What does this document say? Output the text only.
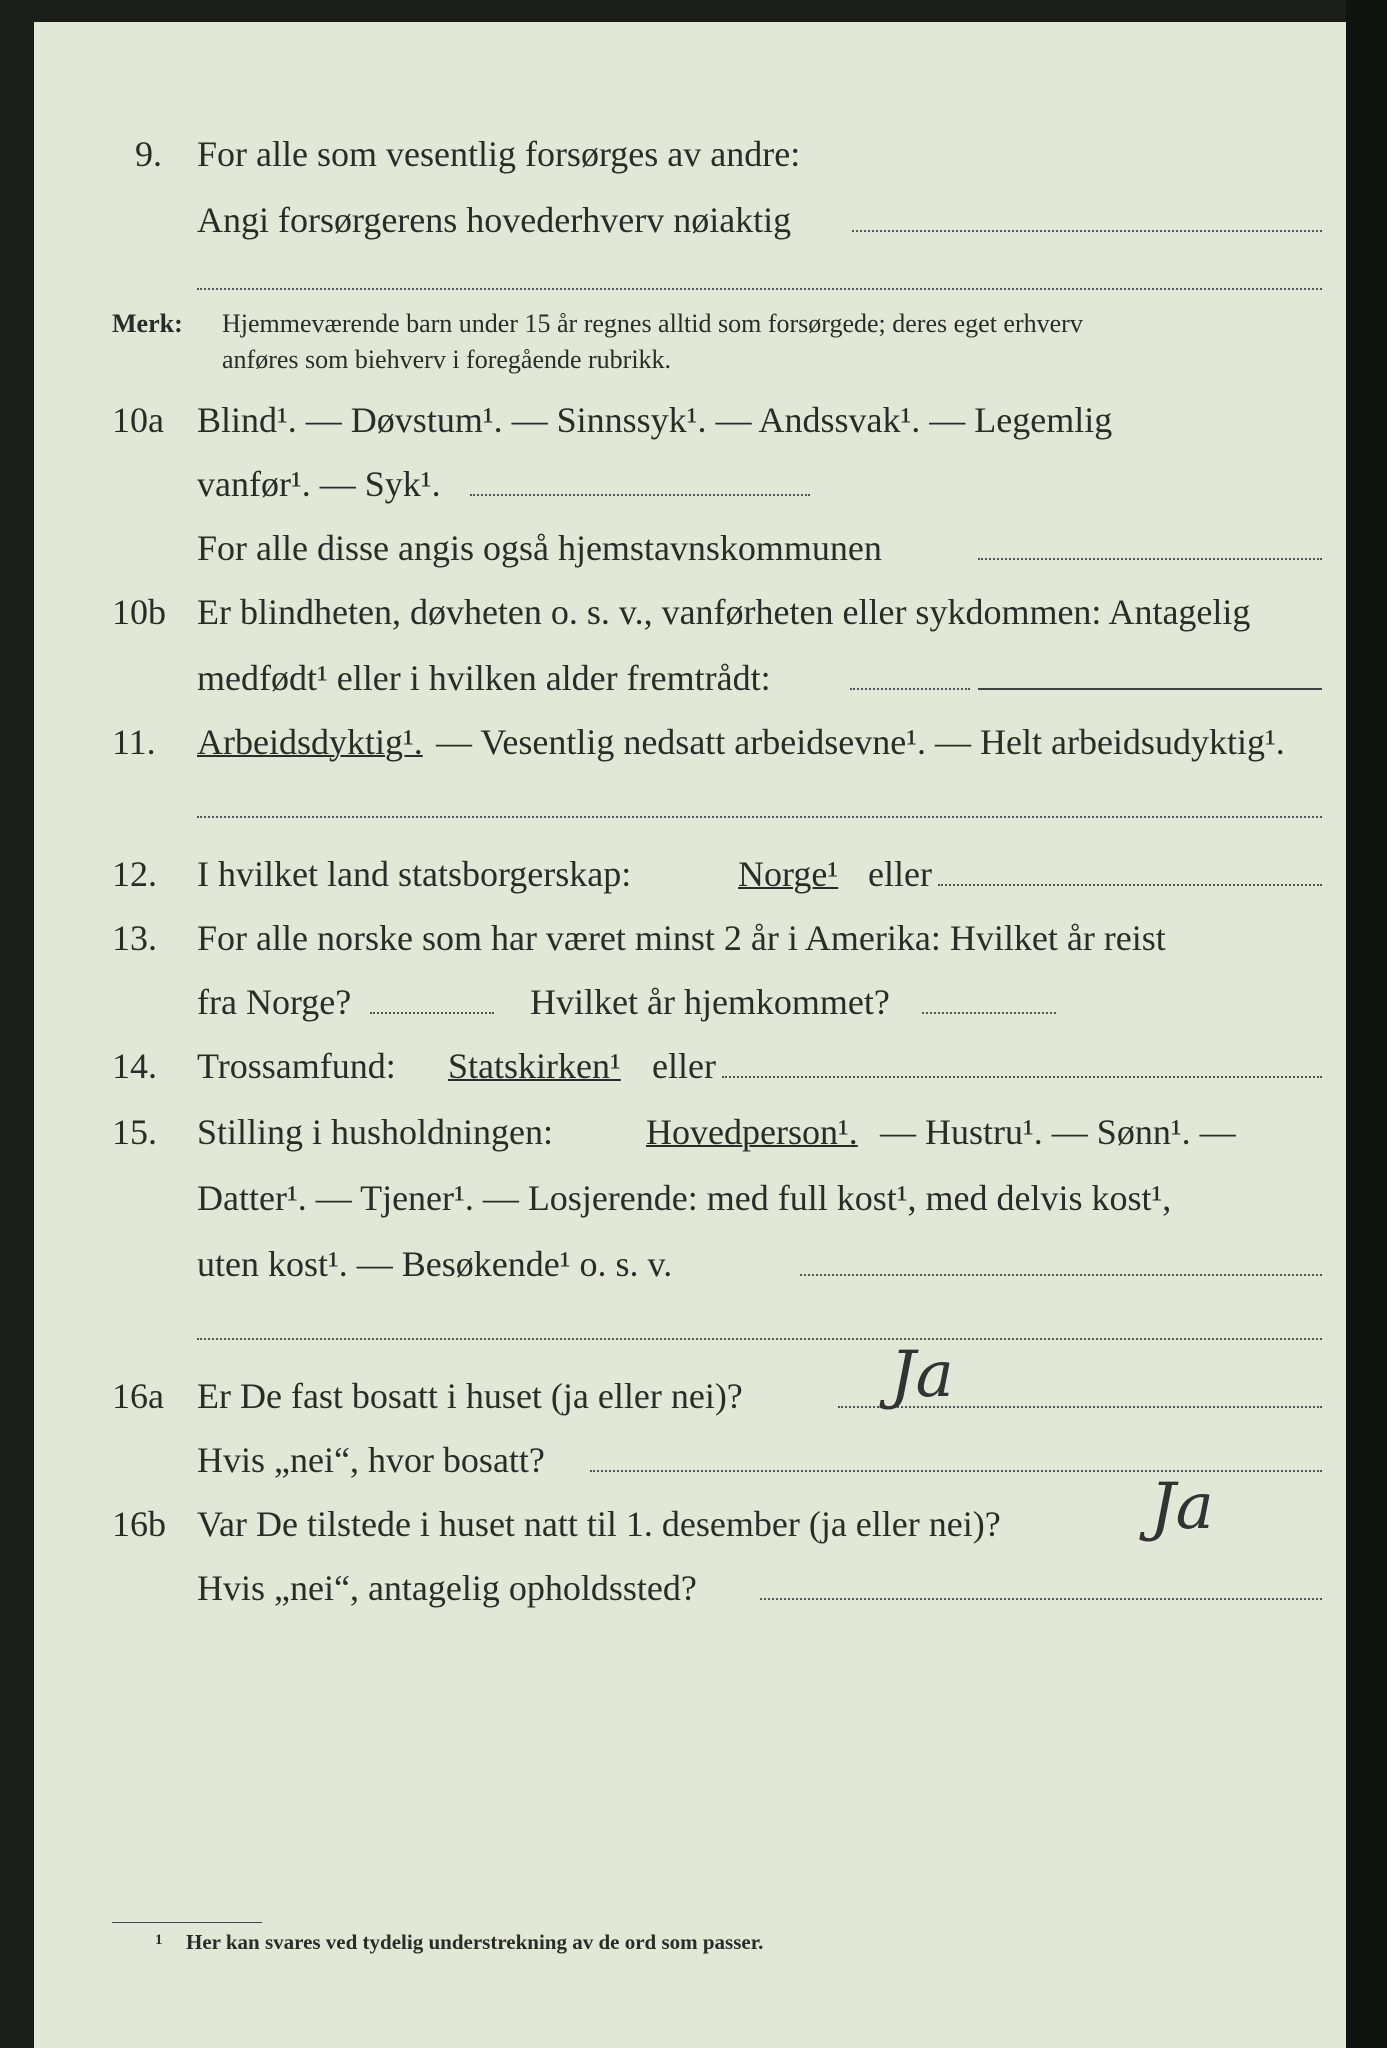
9. For alle som vesentlig forsørges av andre:
Angi forsørgerens hovederhverv nøiaktig
Merk: Hjemmeværende barn under 15 år regnes alltid som forsørgede; deres eget erhverv
anføres som biehverv i foregående rubrikk.
10a Blind¹. — Døvstum¹. — Sinnssyk¹. — Andssvak¹. — Legemlig
vanfør¹. — Syk¹.
For alle disse angis også hjemstavnskommunen
10b Er blindheten, døvheten o. s. v., vanførheten eller sykdommen: Antagelig
medfødt¹ eller i hvilken alder fremtrådt:
11. Arbeidsdyktig¹. — Vesentlig nedsatt arbeidsevne¹. — Helt arbeidsudyktig¹.
12. I hvilket land statsborgerskap:	Norge¹ eller
13. For alle norske som har været minst 2 år i Amerika: Hvilket år reist
fra Norge?	Hvilket år hjemkommet?
14. Trossamfund: Statskirken¹ eller
15. Stilling i husholdningen:	Hovedperson¹. — Hustru¹. — Sønn¹. —
Datter¹. — Tjener¹. — Losjerende: med full kost¹, med delvis kost¹,
uten kost¹. — Besøkende¹ o. s. v.
16a Er De fast bosatt i huset (ja eller nei)? Ja
Hvis „nei“, hvor bosatt?
16b Var De tilstede i huset natt til 1. desember (ja eller nei)? Ja
Hvis „nei“, antagelig opholdssted?
1 Her kan svares ved tydelig understrekning av de ord som passer.
